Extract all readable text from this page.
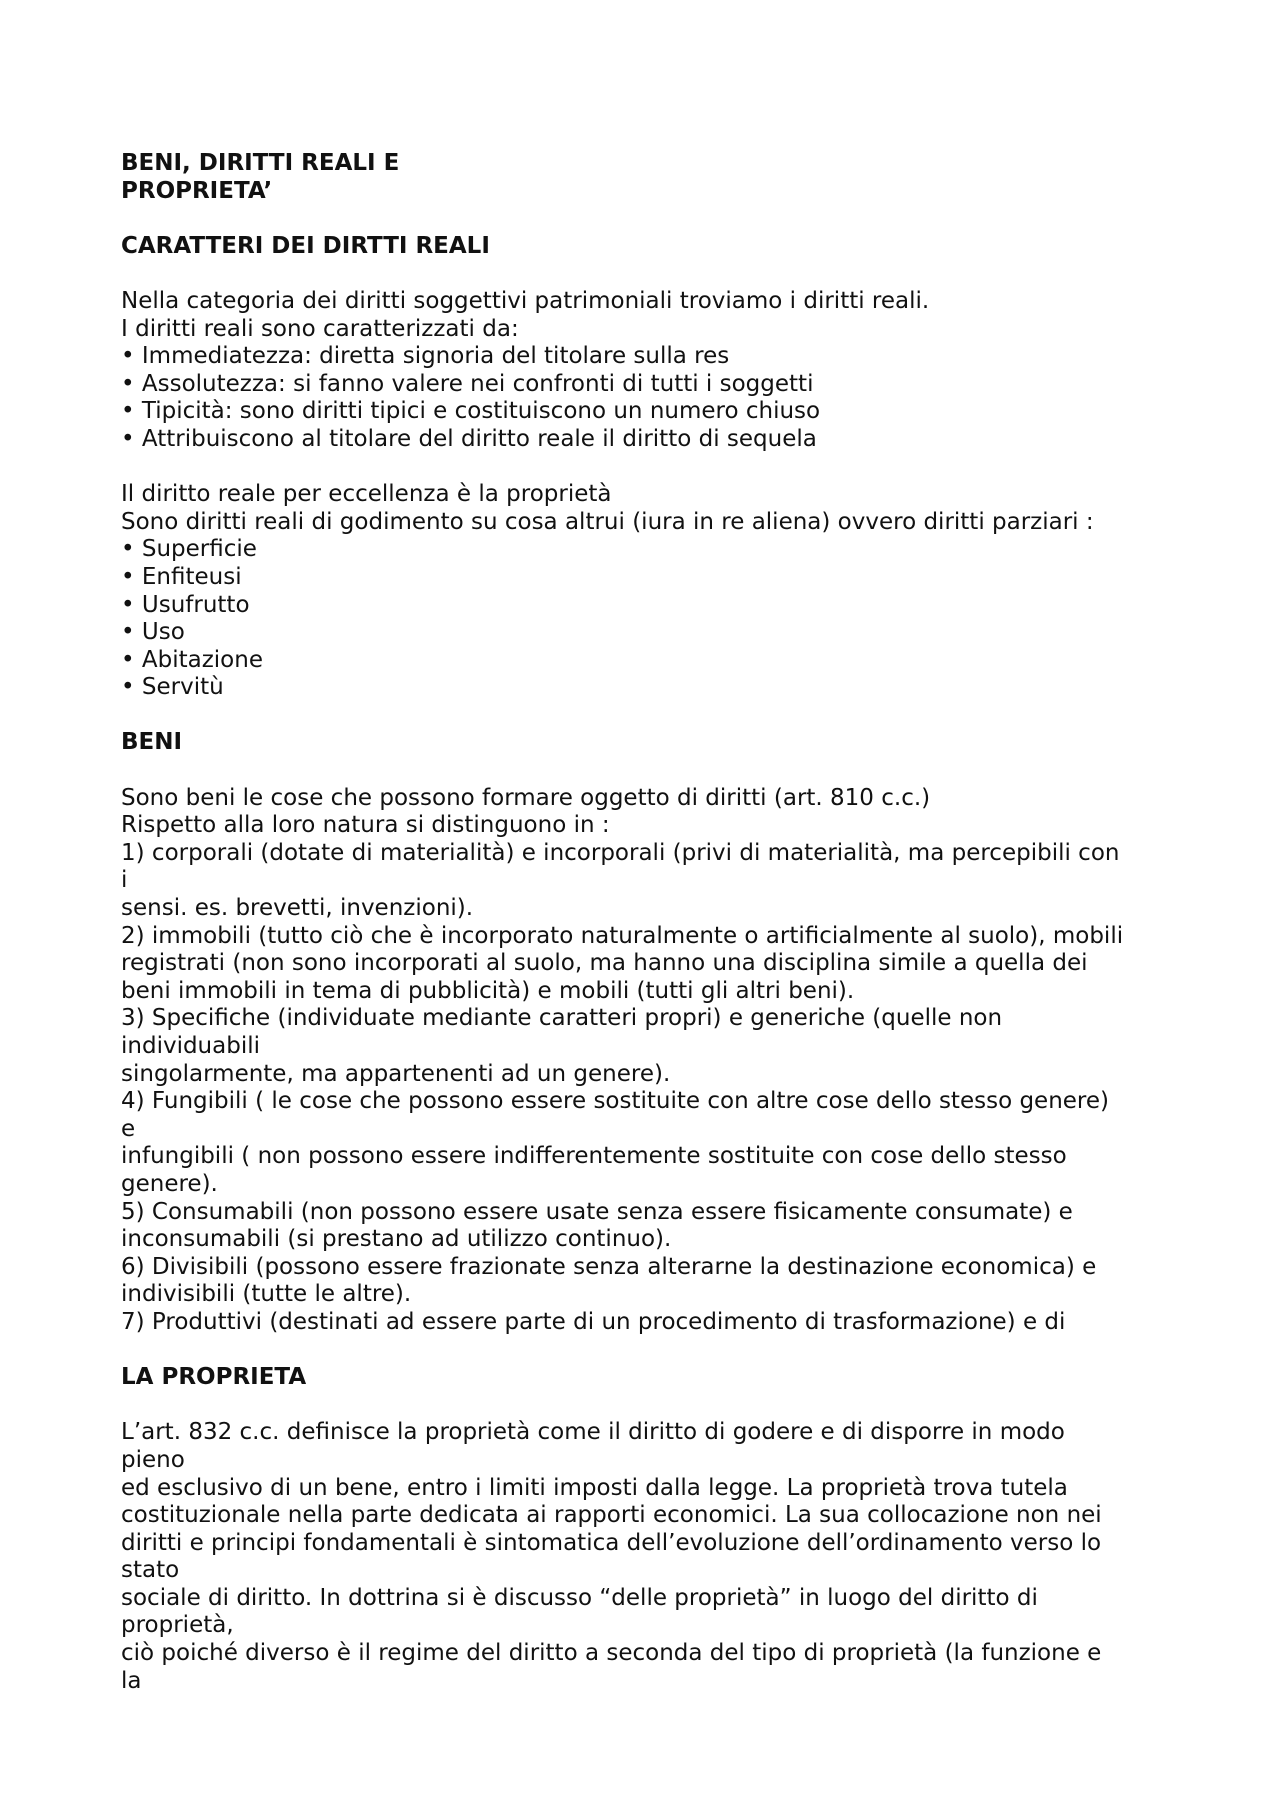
BENI, DIRITTI REALI E
PROPRIETA’
CARATTERI DEI DIRTTI REALI
Nella categoria dei diritti soggettivi patrimoniali troviamo i diritti reali.
I diritti reali sono caratterizzati da:
• Immediatezza: diretta signoria del titolare sulla res
• Assolutezza: si fanno valere nei confronti di tutti i soggetti
• Tipicità: sono diritti tipici e costituiscono un numero chiuso
• Attribuiscono al titolare del diritto reale il diritto di sequela
Il diritto reale per eccellenza è la proprietà
Sono diritti reali di godimento su cosa altrui (iura in re aliena) ovvero diritti parziari :
• Superficie
• Enfiteusi
• Usufrutto
• Uso
• Abitazione
• Servitù
BENI
Sono beni le cose che possono formare oggetto di diritti (art. 810 c.c.)
Rispetto alla loro natura si distinguono in :
1) corporali (dotate di materialità) e incorporali (privi di materialità, ma percepibili con
i
sensi. es. brevetti, invenzioni).
2) immobili (tutto ciò che è incorporato naturalmente o artificialmente al suolo), mobili
registrati (non sono incorporati al suolo, ma hanno una disciplina simile a quella dei
beni immobili in tema di pubblicità) e mobili (tutti gli altri beni).
3) Specifiche (individuate mediante caratteri propri) e generiche (quelle non
individuabili
singolarmente, ma appartenenti ad un genere).
4) Fungibili ( le cose che possono essere sostituite con altre cose dello stesso genere)
e
infungibili ( non possono essere indifferentemente sostituite con cose dello stesso
genere).
5) Consumabili (non possono essere usate senza essere fisicamente consumate) e
inconsumabili (si prestano ad utilizzo continuo).
6) Divisibili (possono essere frazionate senza alterarne la destinazione economica) e
indivisibili (tutte le altre).
7) Produttivi (destinati ad essere parte di un procedimento di trasformazione) e di
LA PROPRIETA
L’art. 832 c.c. definisce la proprietà come il diritto di godere e di disporre in modo
pieno
ed esclusivo di un bene, entro i limiti imposti dalla legge. La proprietà trova tutela
costituzionale nella parte dedicata ai rapporti economici. La sua collocazione non nei
diritti e principi fondamentali è sintomatica dell’evoluzione dell’ordinamento verso lo
stato
sociale di diritto. In dottrina si è discusso “delle proprietà” in luogo del diritto di
proprietà,
ciò poiché diverso è il regime del diritto a seconda del tipo di proprietà (la funzione e
la
